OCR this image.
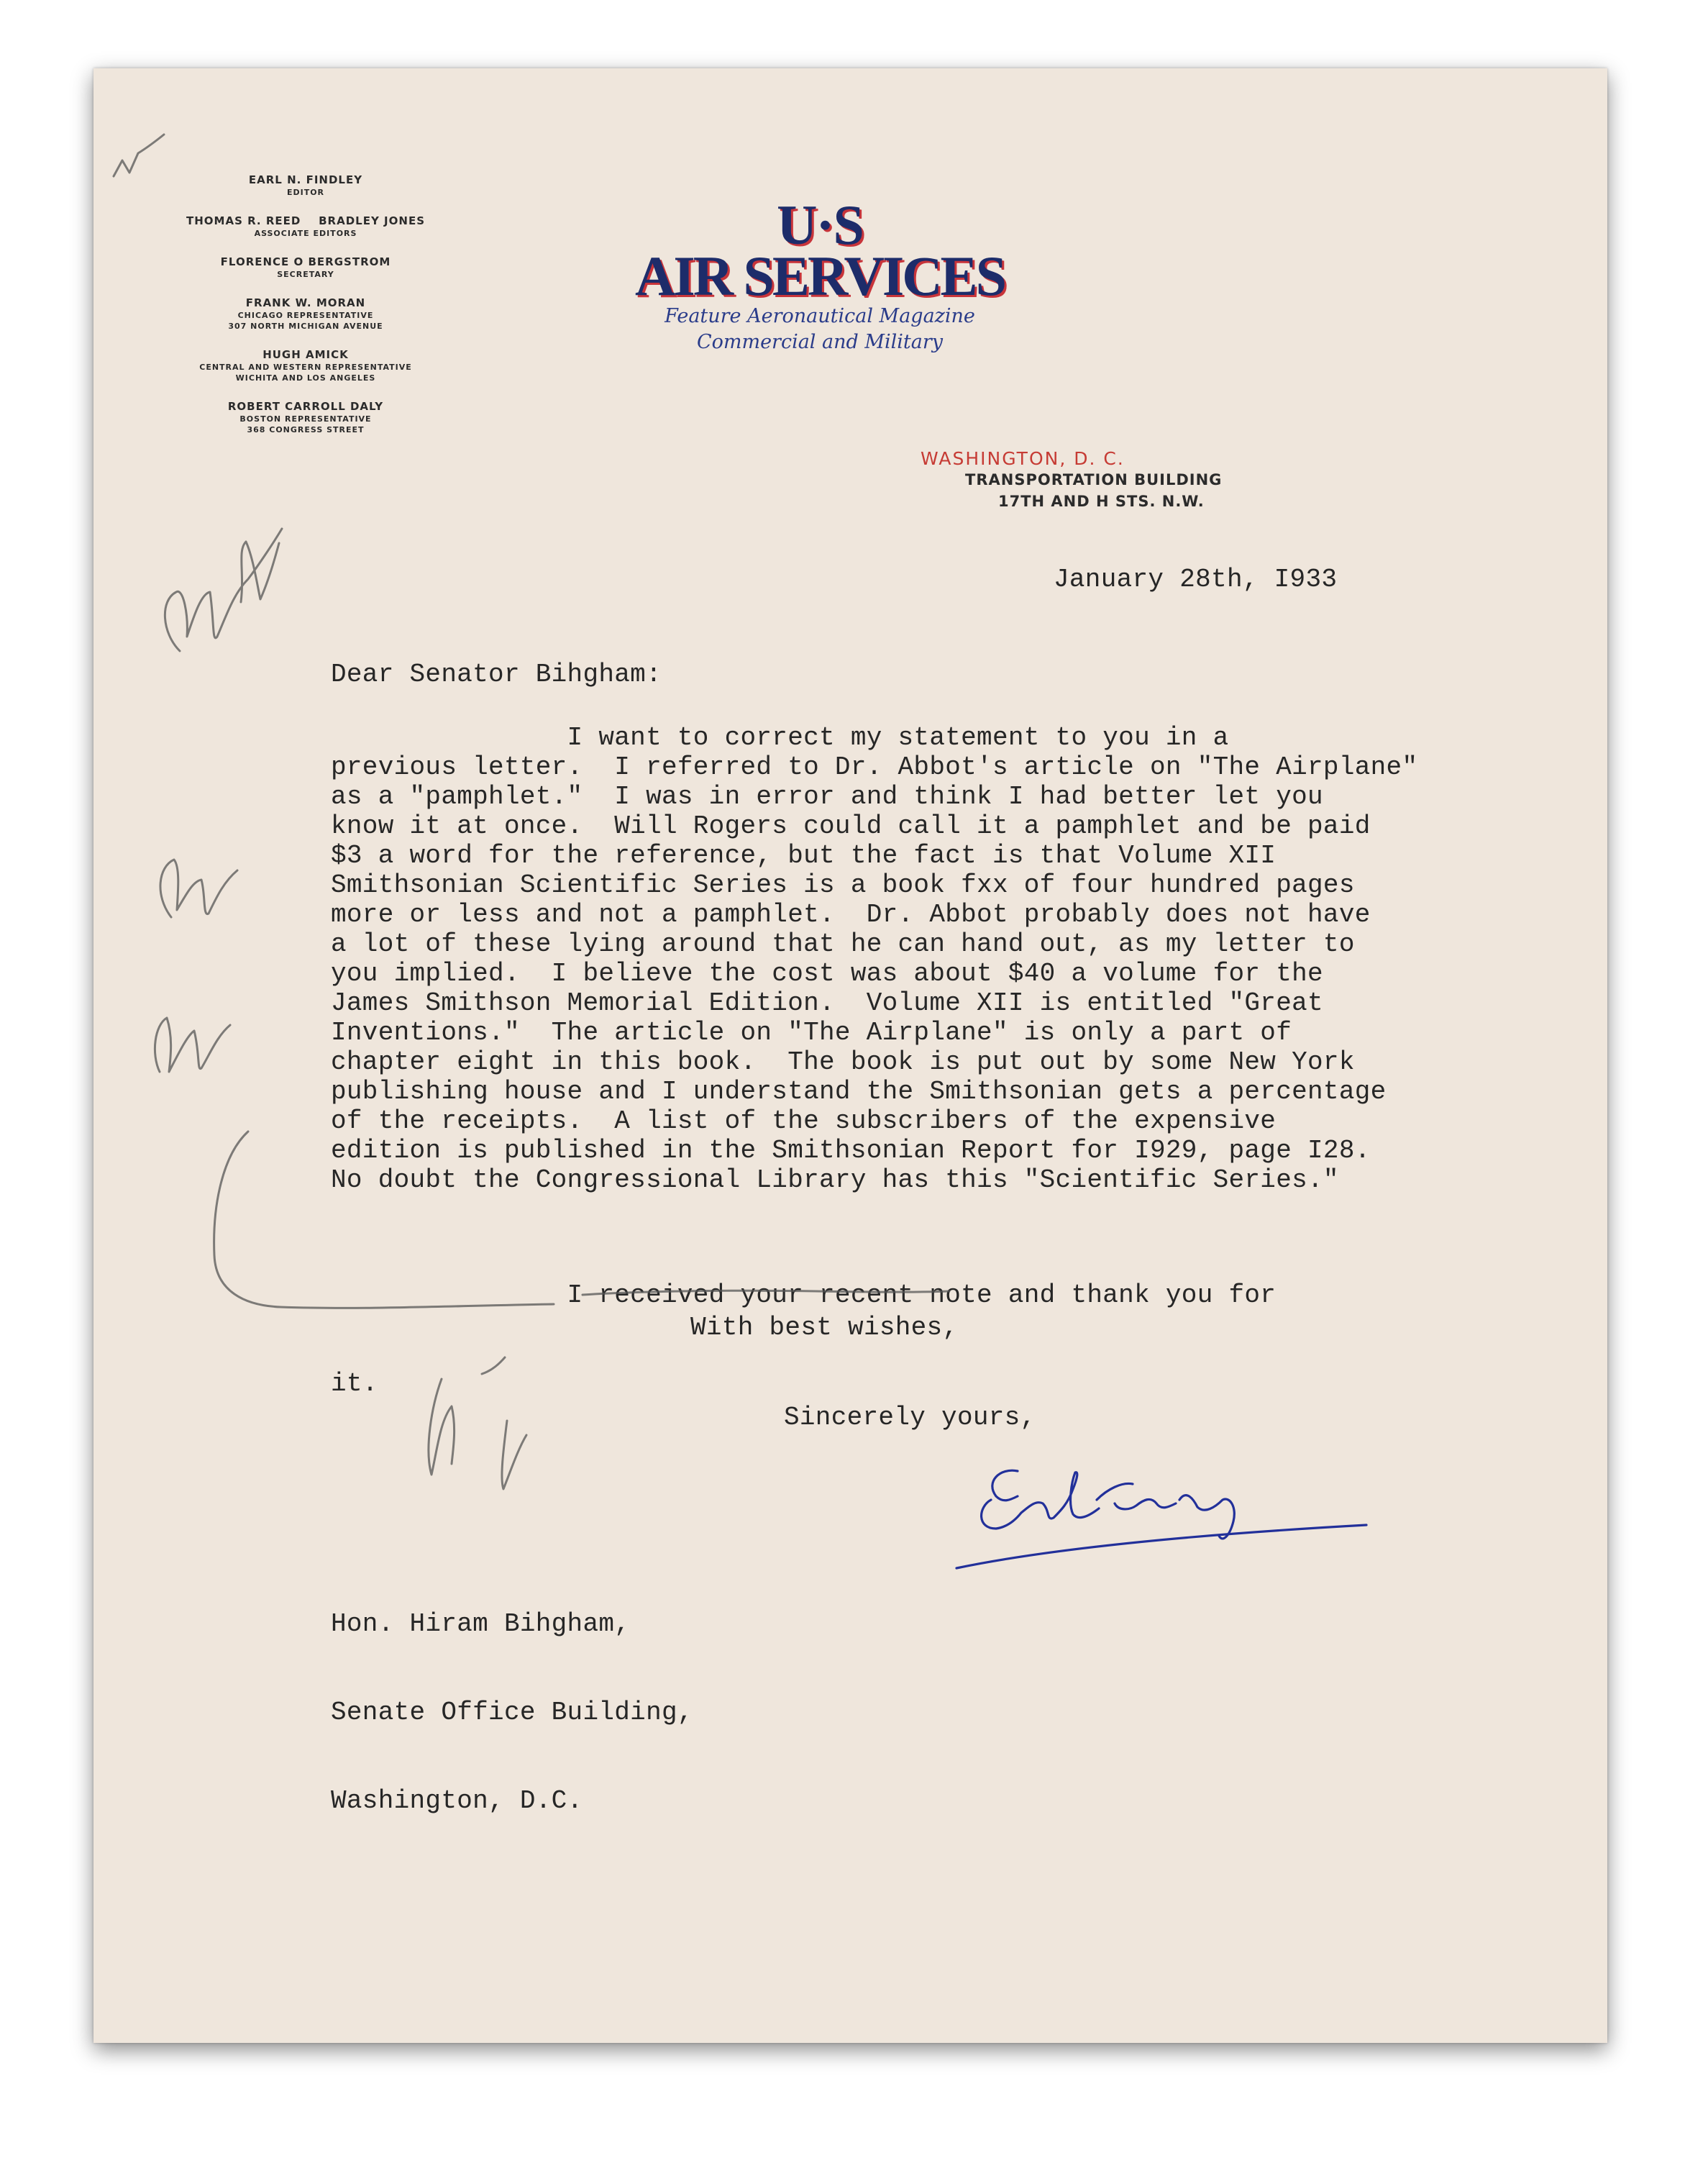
EARL N. FINDLEY
EDITOR
THOMAS R. REED BRADLEY JONES
ASSOCIATE EDITORS
FLORENCE O BERGSTROM
SECRETARY
FRANK W. MORAN
CHICAGO REPRESENTATIVE
307 NORTH MICHIGAN AVENUE
HUGH AMICK
CENTRAL AND WESTERN REPRESENTATIVE
WICHITA AND LOS ANGELES
ROBERT CARROLL DALY
BOSTON REPRESENTATIVE
368 CONGRESS STREET
U·S
AIR SERVICES
Feature Aeronautical Magazine
Commercial and Military
WASHINGTON, D. C.
TRANSPORTATION BUILDING
17TH AND H STS. N.W.
January 28th, I933
Dear Senator Bihgham:
I want to correct my statement to you in a
previous letter.  I referred to Dr. Abbot's article on "The Airplane"
as a "pamphlet."  I was in error and think I had better let you
know it at once.  Will Rogers could call it a pamphlet and be paid
$3 a word for the reference, but the fact is that Volume XII
Smithsonian Scientific Series is a book fxx of four hundred pages
more or less and not a pamphlet.  Dr. Abbot probably does not have
a lot of these lying around that he can hand out, as my letter to
you implied.  I believe the cost was about $40 a volume for the
James Smithson Memorial Edition.  Volume XII is entitled "Great
Inventions."  The article on "The Airplane" is only a part of
chapter eight in this book.  The book is put out by some New York
publishing house and I understand the Smithsonian gets a percentage
of the receipts.  A list of the subscribers of the expensive
edition is published in the Smithsonian Report for I929, page I28.
No doubt the Congressional Library has this "Scientific Series."

I received your recent note and thank you for

it.

With best wishes,
Sincerely yours,

Hon. Hiram Bihgham,

Senate Office Building,

Washington, D.C.
